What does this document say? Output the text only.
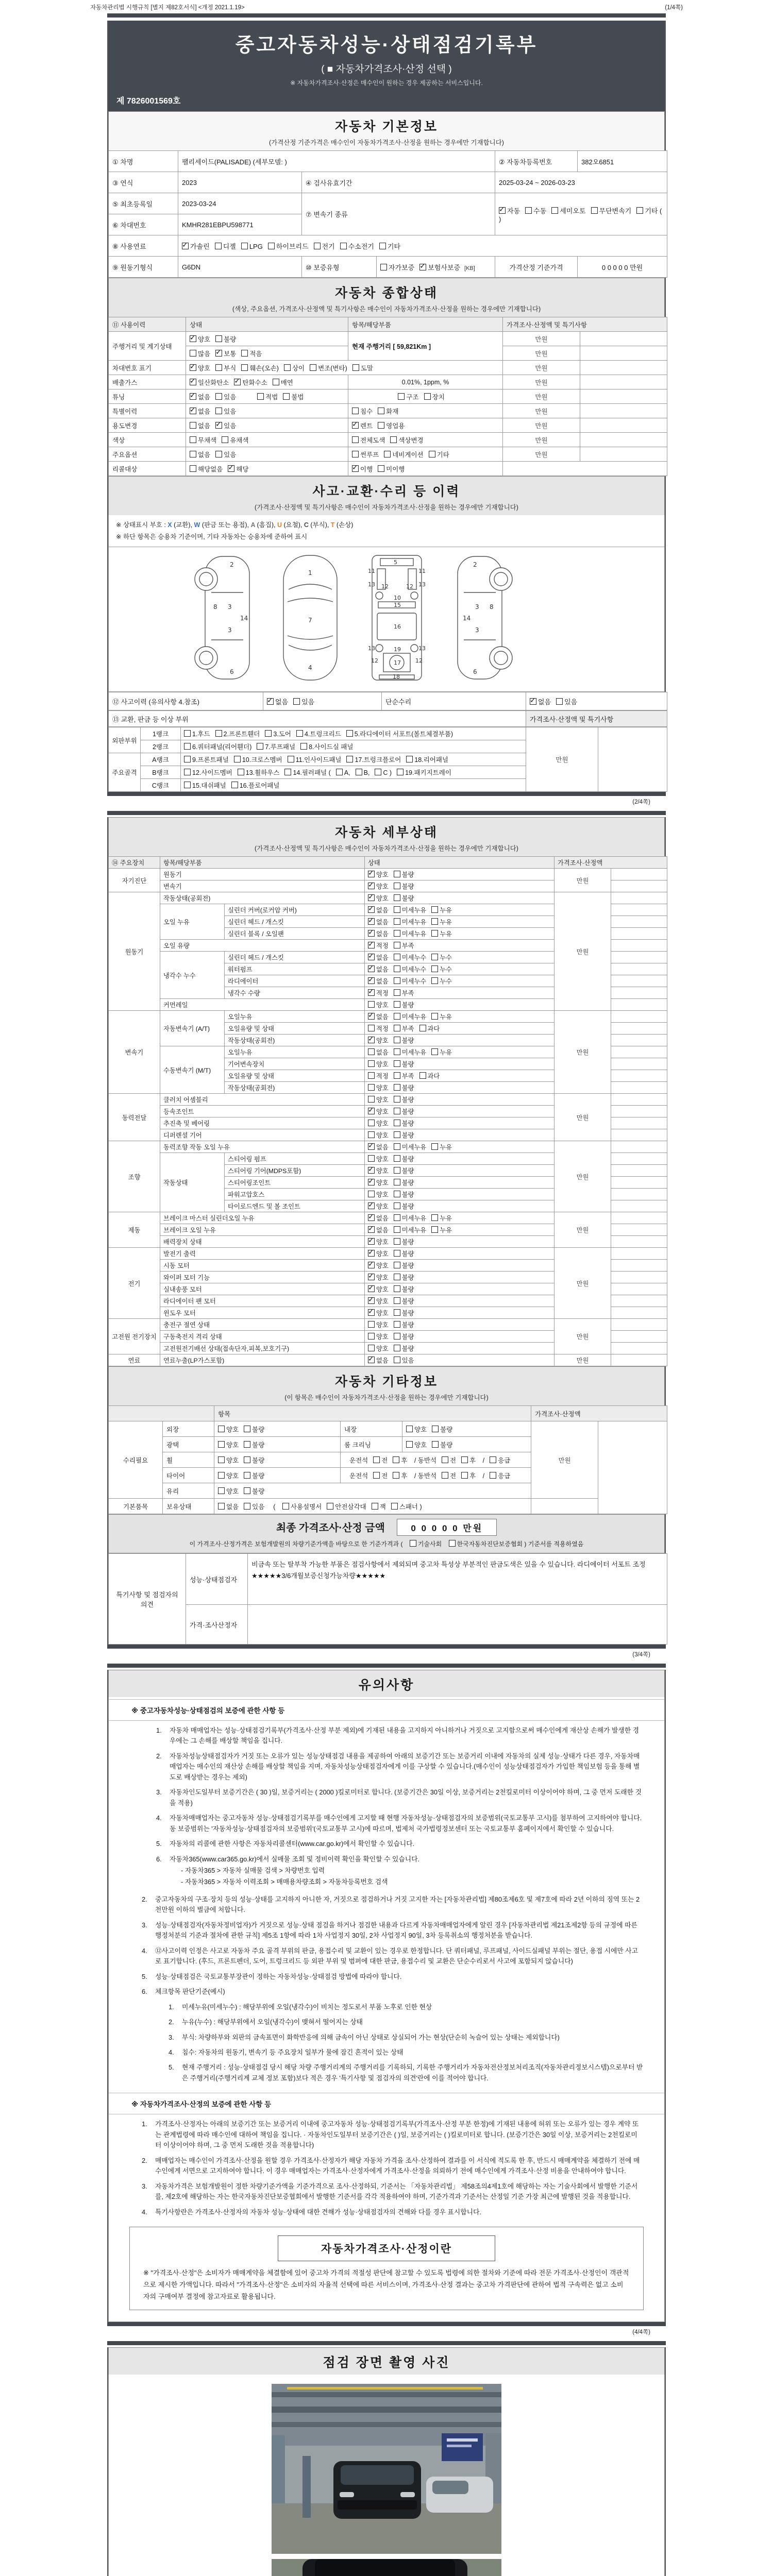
자동차관리법 시행규칙 [별지 제82호서식] <개정 2021.1.19>	(1/4쪽)
중고자동차성능·상태점검기록부
( ■ 자동차가격조사·산정 선택 )
※ 자동차가격조사·산정은 매수인이 원하는 경우 제공하는 서비스입니다.
제 7826001569호
자동차 기본정보
(가격산정 기준가격은 매수인이 자동차가격조사·산정을 원하는 경우에만 기재합니다)
① 차명	팰리세이드(PALISADE) (세부모델: )			② 자동차등록번호	382오6851
③ 연식	2023	④ 검사유효기간		2025-03-24 ~ 2026-03-23	
⑤ 최초등록일	2023-03-24	⑦ 변속기 종류	✓자동 수동 세미오토 무단변속기 기타 ( )
⑥ 차대번호	KMHR281EBPU598771				
⑧ 사용연료	✓가솔린 디젤 LPG 하이브리드 전기 수소전기 기타
⑨ 원동기형식	G6DN	⑩ 보증유형	자가보증 ✓ 보험사보증 [KB]	가격산정 기준가격	0 0 0 0 0 만원
자동차 종합상태
(색상, 주요옵션, 가격조사·산정액 및 특기사항은 매수인이 자동차가격조사·산정을 원하는 경우에만 기재합니다)
⑪ 사용이력	상태	항목/해당부품	가격조사·산정액 및 특기사항	
주행거리 및 계기상태	✓양호 불량	현재 주행거리 [ 59,821Km ]	만원	
	많음 ✓ 보통 적음		만원	
차대번호 표기	✓양호 부식 훼손(오손) 상이 변조(변타) 도말		만원	
배출가스	✓일산화탄소 ✓ 탄화수소 매연	0.01%, 1ppm, %	만원	
튜닝	✓없음 있음 적법 불법	구조 장치	만원	
특별이력	✓없음 있음	침수 화재	만원	
용도변경	없음 ✓ 있음	✓렌트 영업용	만원	
색상	무채색 유채색	전체도색 색상변경	만원	
주요옵션	없음 있음	썬루프 네비게이션 기타	만원	
리콜대상	해당없음 ✓ 해당	✓이행 미이행	
사고·교환·수리 등 이력
(가격조사·산정액 및 특기사항은 매수인이 자동차가격조사·산정을 원하는 경우에만 기재합니다)
※ 상태표시 부호 : X (교환), W (판금 또는 용접), A (흠집), U (요철), C (부식), T (손상)
※ 하단 항목은 승용차 기준이며, 기타 자동차는 승용차에 준하여 표시
2
8 3
14
3
6
1
7
4
5
11	11
13	13
12	12
10
15
16
13	13
12	12
19
17
18
2
8
3
14
3
6
⑫ 사고이력 (유의사항 4.참조)	✓없음 있음	단순수리	✓없음 있음
⑬ 교환, 판금 등 이상 부위	가격조사·산정액 및 특기사항
외판부위	1랭크	1.후드 2.프론트휀더 3.도어 4.트렁크리드 5.라디에이터 서포트(볼트체결부품)	만원	
	2랭크	6.쿼터패널(리어휀더) 7.루프패널 8.사이드실 패널		
주요골격	A랭크	9.프론트패널 10.크로스멤버 11.인사이드패널 17.트렁크플로어 18.리어패널		
	B랭크	12.사이드멤버 13.휠하우스 14.필러패널 ( A, B, C ) 19.패키지트레이		
	C랭크	15.대쉬패널 16.플로어패널		
(2/4쪽)
자동차 세부상태
(가격조사·산정액 및 특기사항은 매수인이 자동차가격조사·산정을 원하는 경우에만 기재합니다)
⑭ 주요장치	항목/해당부품		상태	가격조사·산정액	
자기진단	원동기	✓양호 불량	만원	
	변속기	✓양호 불량	
원동기	작동상태(공회전)	✓양호 불량	만원	
	오일 누유	실린더 커버(로커암 커버)	✓없음 미세누유 누유	
		실린더 헤드 / 개스킷	✓없음 미세누유 누유	
		실린더 블록 / 오일팬	✓없음 미세누유 누유	
	오일 유량	✓적정 부족	
	냉각수 누수	실린더 헤드 / 개스킷	✓없음 미세누수 누수	
		워터펌프	✓없음 미세누수 누수	
		라디에이터	✓없음 미세누수 누수	
		냉각수 수량	✓적정 부족	
	커먼레일		양호 불량		
변속기	자동변속기 (A/T)	오일누유	✓없음 미세누유 누유	만원	
		오일유량 및 상태	적정 부족 과다		
		작동상태(공회전)	✓양호 불량	
	수동변속기 (M/T)	오일누유	없음 미세누유 누유		
		기어변속장치	양호 불량		
		오일유량 및 상태	적정 부족 과다		
		작동상태(공회전)	양호 불량		
동력전달	클러치 어셈블리		양호 불량	만원	
	등속조인트	✓양호 불량	
	추진축 및 베어링		양호 불량		
	디퍼렌셜 기어		양호 불량		
조향	동력조향 작동 오일 누유	✓없음 미세누유 누유	만원	
	작동상태	스티어링 펌프	양호 불량		
		스티어링 기어(MDPS포함)	✓양호 불량	
		스티어링조인트	✓양호 불량	
		파워고압호스	양호 불량		
		타이로드엔드 및 볼 조인트	✓양호 불량	
제동	브레이크 마스터 실린더오일 누유	✓없음 미세누유 누유	만원	
	브레이크 오일 누유	✓없음 미세누유 누유	
	배력장치 상태	✓양호 불량	
전기	발전기 출력	✓양호 불량	만원	
	시동 모터	✓양호 불량	
	와이퍼 모터 기능	✓양호 불량	
	실내송풍 모터	✓양호 불량	
	라디에이터 팬 모터	✓양호 불량	
	윈도우 모터	✓양호 불량	
고전원 전기장치	충전구 절연 상태		양호 불량	만원	
	구동축전지 격리 상태		양호 불량		
	고전원전기배선 상태(접속단자,피복,보호기구)		양호 불량		
연료	연료누출(LP가스포함)	✓없음 있음	만원	
자동차 기타정보
(이 항목은 매수인이 자동차가격조사·산정을 원하는 경우에만 기재합니다)
		항목			가격조사·산정액	
수리필요	외장	양호 불량	내장	양호 불량	만원	
	광택	양호 불량	룸 크리닝	양호 불량		
	휠	양호 불량	운전석 전 후 / 동반석 전 후 / 응급			
	타이어	양호 불량	운전석 전 후 / 동반석 전 후 / 응급			
	유리	양호 불량				
기본품목	보유상태	없음 있음  ( 사용설명서 안전삼각대 잭 스패너 )				
최종 가격조사·산정 금액	0 0 0 0 0 만원
이 가격조사·산정가격은 보험개발원의 차량기준가액을 바탕으로 한 기준가격과 ( 기술사회 한국자동차진단보증협회 ) 기준서를 적용하였음
특기사항 및 점검자의 의견	성능·상태점검자	비금속 또는 탈부착 가능한 부품은 점검사항에서 제외되며 중고차 특성상 부분적인 판금도색은 있을 수 있습니다. 라디에이터 서포트 조정 ★★★★★3/6개월보증신청가능차량★★★★★
	가격·조사산정자	
(3/4쪽)
유의사항
※ 중고자동차성능·상태점검의 보증에 관한 사항 등
1.	자동차 매매업자는 성능·상태점검기록부(가격조사·산정 부분 제외)에 기재된 내용을 고지하지 아니하거나 거짓으로 고지함으로써 매수인에게 재산상 손해가 발생한 경우에는 그 손해를 배상할 책임을 집니다.
2.	자동차성능상태점검자가 거짓 또는 오류가 있는 성능상태점검 내용을 제공하여 아래의 보증기간 또는 보증거리 이내에 자동차의 실제 성능·상태가 다른 경우, 자동차매매업자는 매수인의 재산상 손해를 배상할 책임을 지며, 자동차성능상태점검자에게 이를 구상할 수 있습니다.(매수인이 성능상태점검자가 가입한 책임보험 등을 통해 별도로 배상받는 경우는 제외)
3.	자동차인도일부터 보증기간은 ( 30 )일, 보증거리는 ( 2000 )킬로미터로 합니다. (보증기간은 30일 이상, 보증거리는 2천킬로미터 이상이어야 하며, 그 중 먼저 도래한 것을 적용)
4.	자동차매매업자는 중고자동차 성능·상태점검기록부를 매수인에게 고지할 때 현행 자동차성능·상태점검자의 보증범위(국토교통부 고시)를 첨부하여 고지하여야 합니다. 동 보증범위는 '자동차성능·상태점검자의 보증범위'(국토교통부 고시)에 따르며, 법제처 국가법령정보센터 또는 국토교통부 홈페이지에서 확인할 수 있습니다.
5.	자동차의 리콜에 관한 사항은 자동차리콜센터(www.car.go.kr)에서 확인할 수 있습니다.
6.	자동차365(www.car365.go.kr)에서 실매물 조회 및 정비이력 확인을 확인할 수 있습니다.
- 자동차365 > 자동차 실매물 검색 > 차량번호 입력
- 자동차365 > 자동차 이력조회 > 매매용차량조회 > 자동차등록번호 검색
2.	중고자동차의 구조·장치 등의 성능·상태를 고지하지 아니한 자, 거짓으로 점검하거나 거짓 고지한 자는 [자동차관리법] 제80조제6호 및 제7호에 따라 2년 이하의 징역 또는 2천만원 이하의 벌금에 처합니다.
3.	성능·상태점검자(자동차정비업자)가 거짓으로 성능·상태 점검을 하거나 점검한 내용과 다르게 자동차매매업자에게 알린 경우 [자동차관리법 제21조제2항 등의 규정에 따른 행정처분의 기준과 절차에 관한 규칙] 제5조 1항에 따라 1차 사업정지 30일, 2차 사업정지 90일, 3차 등록취소의 행정처분을 받습니다.
4.	⑫사고이력 인정은 사고로 자동차 주요 골격 부위의 판금, 용접수리 및 교환이 있는 경우로 한정합니다. 단 쿼터패널, 루프패널, 사이드실패널 부위는 절단, 용접 시에만 사고로 표기합니다. (후드, 프론트펜더, 도어, 트렁크리드 등 외판 부위 및 범퍼에 대한 판금, 용접수리 및 교환은 단순수리로서 사고에 포함되지 않습니다)
5.	성능·상태점검은 국토교통부장관이 정하는 자동차성능·상태점검 방법에 따라야 합니다.
6.	체크항목 판단기준(예시)
1.	미세누유(미세누수) : 해당부위에 오일(냉각수)이 비치는 정도로서 부품 노후로 인한 현상
2.	누유(누수) : 해당부위에서 오일(냉각수)이 맺혀서 떨어지는 상태
3.	부식: 차량하부와 외판의 금속표면이 화학반응에 의해 금속이 아닌 상태로 상실되어 가는 현상(단순히 녹슬어 있는 상태는 제외합니다)
4.	침수: 자동차의 원동기, 변속기 등 주요장치 일부가 물에 잠긴 흔적이 있는 상태
5.	현재 주행거리 : 성능·상태점검 당시 해당 차량 주행거리계의 주행거리를 기록하되, 기록한 주행거리가 자동차전산정보처리조직(자동차관리정보시스템)으로부터 받은 주행거리(주행거리계 교체 정보 포함)보다 적은 경우 '특기사항 및 점검자의 의견'란에 이를 적어야 합니다.
※ 자동차가격조사·산정의 보증에 관한 사항 등
1.	가격조사·산정자는 아래의 보증기간 또는 보증거리 이내에 중고자동차 성능·상태점검기록부(가격조사·산정 부분 한정)에 기재된 내용에 허위 또는 오류가 있는 경우 계약 또는 관계법령에 따라 매수인에 대하여 책임을 집니다. · 자동차인도일부터 보증기간은 ( )일, 보증거리는 ( )킬로미터로 합니다. (보증기간은 30일 이상, 보증거리는 2천킬로미터 이상이어야 하며, 그 중 먼저 도래한 것을 적용합니다)
2.	매매업자는 매수인이 가격조사·산정을 원할 경우 가격조사·산정자가 해당 자동차 가격을 조사·산정하여 결과를 이 서식에 적도록 한 후, 반드시 매매계약을 체결하기 전에 매수인에게 서면으로 고지하여야 합니다. 이 경우 매매업자는 가격조사·산정자에게 가격조사·산정을 의뢰하기 전에 매수인에게 가격조사·산정 비용을 안내하여야 합니다.
3.	자동차가격은 보험개발원이 정한 차량기준가액을 기준가격으로 조사·산정하되, 기준서는 「자동차관리법」 제58조의4제1호에 해당하는 자는 기술사회에서 발행한 기준서를, 제2호에 해당하는 자는 한국자동차진단보증협회에서 발행한 기준서를 각각 적용하여야 하며, 기준가격과 기준서는 산정일 기준 가장 최근에 발행된 것을 적용합니다.
4.	특기사항란은 가격조사·산정자의 자동차 성능·상태에 대한 견해가 성능·상태점검자의 견해와 다를 경우 표시합니다.
자동차가격조사·산정이란
※ "가격조사·산정"은 소비자가 매매계약을 체결함에 있어 중고차 가격의 적절성 판단에 참고할 수 있도록 법령에 의한 절차와 기준에 따라 전문 가격조사·산정인이 객관적으로 제시한 가액입니다. 따라서 "가격조사·산정"은 소비자의 자율적 선택에 따른 서비스이며, 가격조사·산정 결과는 중고차 가격판단에 관하여 법적 구속력은 없고 소비자의 구매여부 결정에 참고자료로 활용됩니다.
(4/4쪽)
점검 장면 촬영 사진
